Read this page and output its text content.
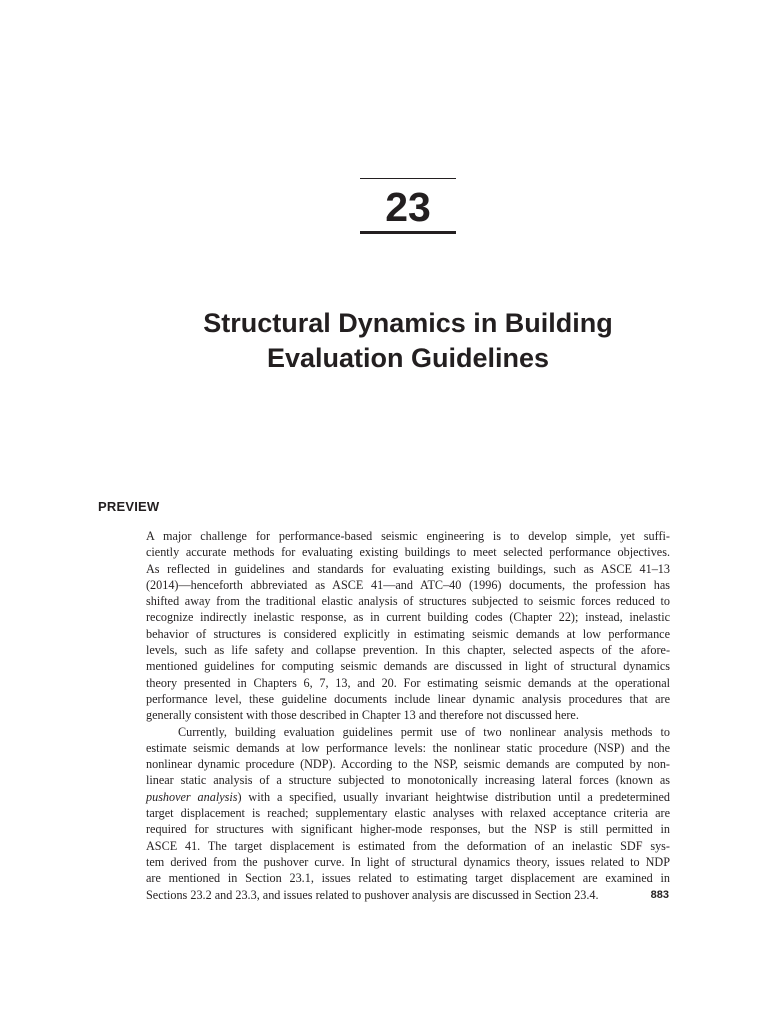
23
Structural Dynamics in Building
Evaluation Guidelines
PREVIEW
A major challenge for performance-based seismic engineering is to develop simple, yet suffi-
ciently accurate methods for evaluating existing buildings to meet selected performance objectives.
As reflected in guidelines and standards for evaluating existing buildings, such as ASCE 41–13
(2014)—henceforth abbreviated as ASCE 41—and ATC–40 (1996) documents, the profession has
shifted away from the traditional elastic analysis of structures subjected to seismic forces reduced to
recognize indirectly inelastic response, as in current building codes (Chapter 22); instead, inelastic
behavior of structures is considered explicitly in estimating seismic demands at low performance
levels, such as life safety and collapse prevention. In this chapter, selected aspects of the afore-
mentioned guidelines for computing seismic demands are discussed in light of structural dynamics
theory presented in Chapters 6, 7, 13, and 20. For estimating seismic demands at the operational
performance level, these guideline documents include linear dynamic analysis procedures that are
generally consistent with those described in Chapter 13 and therefore not discussed here.
Currently, building evaluation guidelines permit use of two nonlinear analysis methods to
estimate seismic demands at low performance levels: the nonlinear static procedure (NSP) and the
nonlinear dynamic procedure (NDP). According to the NSP, seismic demands are computed by non-
linear static analysis of a structure subjected to monotonically increasing lateral forces (known as
pushover analysis) with a specified, usually invariant heightwise distribution until a predetermined
target displacement is reached; supplementary elastic analyses with relaxed acceptance criteria are
required for structures with significant higher-mode responses, but the NSP is still permitted in
ASCE 41. The target displacement is estimated from the deformation of an inelastic SDF sys-
tem derived from the pushover curve. In light of structural dynamics theory, issues related to NDP
are mentioned in Section 23.1, issues related to estimating target displacement are examined in
Sections 23.2 and 23.3, and issues related to pushover analysis are discussed in Section 23.4.	883
